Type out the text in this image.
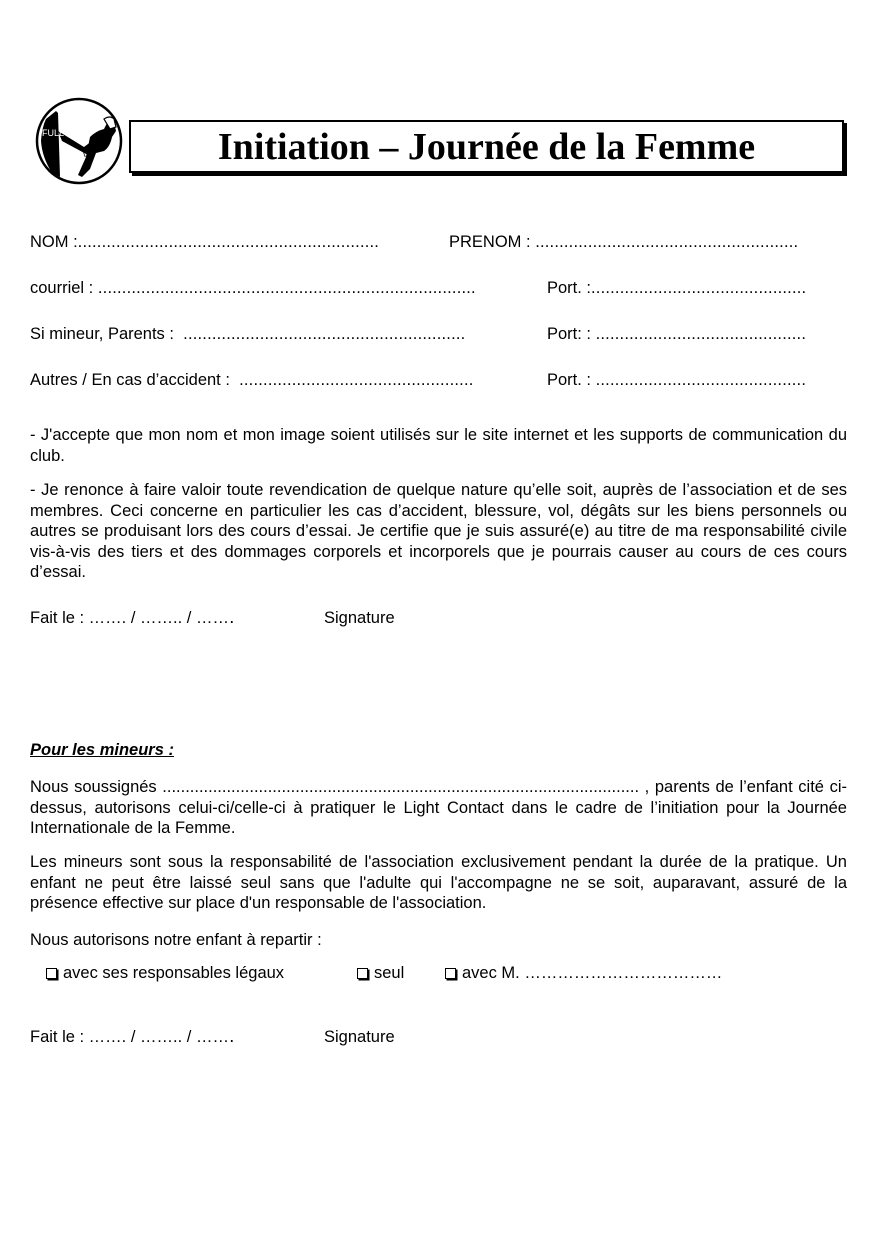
FULL
LIGHT	Initiation – Journée de la Femme
NOM :...............................................................	PRENOM : .......................................................
courriel : ...............................................................................	Port. :.............................................
Si mineur, Parents : ...........................................................	Port: : ............................................
Autres / En cas d’accident : .................................................	Port. : ............................................
- J'accepte que mon nom et mon image soient utilisés sur le site internet et les supports de communication du club.
- Je renonce à faire valoir toute revendication de quelque nature qu’elle soit, auprès de l’association et de ses membres. Ceci concerne en particulier les cas d’accident, blessure, vol, dégâts sur les biens personnels ou autres se produisant lors des cours d’essai. Je certifie que je suis assuré(e) au titre de ma responsabilité civile vis-à-vis des tiers et des dommages corporels et incorporels que je pourrais causer au cours de ces cours d’essai.
Fait le : ……. / …….. / ……․	Signature
Pour les mineurs :
Nous soussignés ........................................................................................................ , parents de l’enfant cité ci-dessus, autorisons celui-ci/celle-ci à pratiquer le Light Contact dans le cadre de l’initiation pour la Journée Internationale de la Femme.
Les mineurs sont sous la responsabilité de l'association exclusivement pendant la durée de la pratique. Un enfant ne peut être laissé seul sans que l'adulte qui l'accompagne ne se soit, auparavant, assuré de la présence effective sur place d'un responsable de l'association.
Nous autorisons notre enfant à repartir :
avec ses responsables légaux	seul	avec M. ………………………………
Fait le : ……. / …….. / ……․	Signature
